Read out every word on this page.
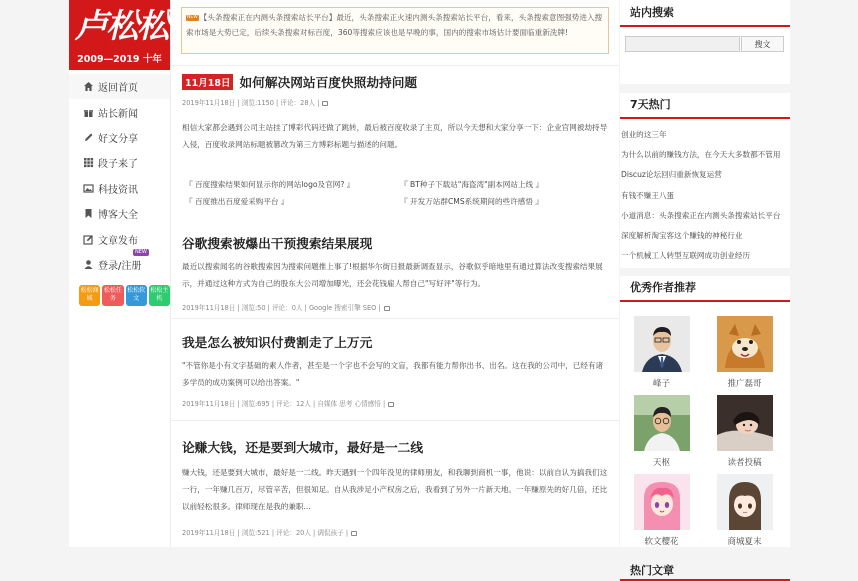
卢松松
2009—2019 十年
返回首页
站长新闻
好文分享
段子来了
科技资讯
博客大全
文章发布
登录/注册
NEW
松松商城
松松任务
松松软文
松松主机
NEW 【头条搜索正在内测头条搜索站长平台】最近，头条搜索正火速内测头条搜索站长平台，看来，头条搜索意图强势进入搜索市场是大势已定，后续头条搜索对标百度，360等搜索应该也是早晚的事，国内的搜索市场估计要面临重新洗牌!
11月18日 如何解决网站百度快照劫持问题
2019年11月18日 | 浏览:1150 | 评论：28人 |
相信大家都会遇到公司主站挂了博彩代码还做了跳转，最后被百度收录了主页，所以今天想和大家分享一下：企业官网被劫持导入侵，百度收录网站标题被篡改为第三方博彩标题与描述的问题。
『 百度搜索结果如何显示你的网站logo及官网? 』	『 BT种子下载站"海盗湾"副本网站上线 』
『 百度推出百度爱采购平台 』	『 开发万站群CMS系统期间的些许感悟 』
谷歌搜索被爆出干预搜索结果展现
最近以搜索闻名的谷歌搜索因为搜索问题推上事了!根据华尔街日报最新调查显示，谷歌似乎暗地里有通过算法改变搜索结果展示，并通过这种方式为自己的股东大公司增加曝光，还会花钱雇人帮自己"写好评"等行为。
2019年11月18日 | 浏览:50 | 评论：0人 | Google 搜索引擎 SEO |
我是怎么被知识付费割走了上万元
"不管你是小有文字基础的素人作者，甚至是一个字也不会写的文盲，我都有能力帮你出书、出名。这在我的公司中，已经有诸多学员的成功案例可以给出答案。"
2019年11月18日 | 浏览:695 | 评论：12人 | 自媒体 思考 心情感悟 |
论赚大钱，还是要到大城市，最好是一二线
赚大钱，还是要到大城市，最好是一二线。昨天遇到一个四年没见的律师朋友，和我聊到商机一事，他说：以前自认为搞我们这一行，一年赚几百万，尽管辛苦，但很知足。自从我涉足小产权房之后，我看到了另外一片新天地。一年赚原先的好几倍，还比以前轻松很多。律师现在是我的兼职...
2019年11月18日 | 浏览:521 | 评论：20人 | 调侃孩子 |
站内搜索
搜文
7天热门
创业的这三年
为什么以前的赚钱方法，在今天大多数都不管用
Discuz论坛回归重新恢复运营
有钱不赚王八蛋
小道消息：头条搜索正在内测头条搜索站长平台
深度解析淘宝客这个赚钱的神秘行业
一个机械工人转型互联网成功创业经历
优秀作者推荐
峰子	推广磊哥
天枢	读者投稿
软文樱花	商城夏末
热门文章
